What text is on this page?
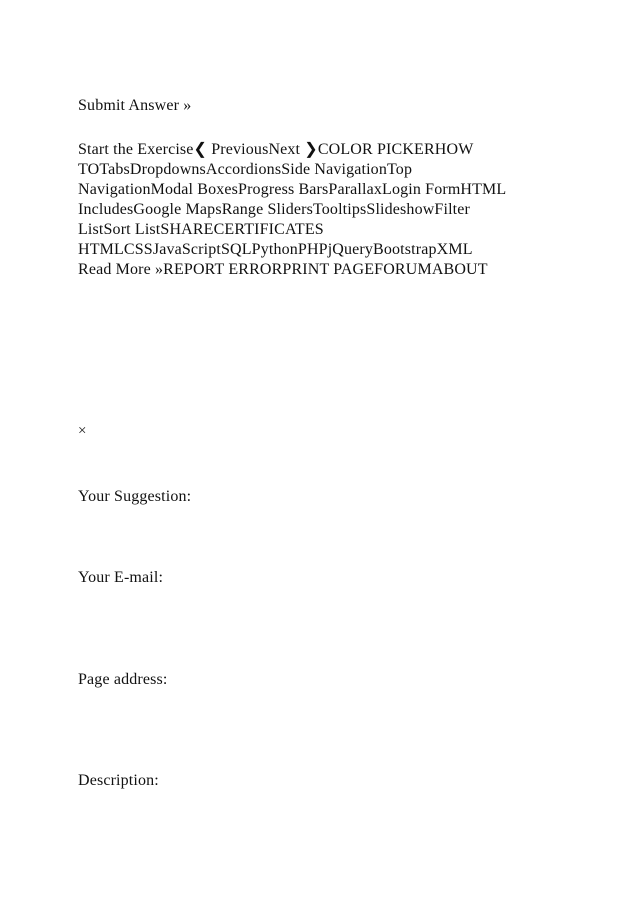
Submit Answer »
Start the Exercise❮ PreviousNext ❯COLOR PICKERHOW
TOTabsDropdownsAccordionsSide NavigationTop
NavigationModal BoxesProgress BarsParallaxLogin FormHTML
IncludesGoogle MapsRange SlidersTooltipsSlideshowFilter
ListSort ListSHARECERTIFICATES
HTMLCSSJavaScriptSQLPythonPHPjQueryBootstrapXML
Read More »REPORT ERRORPRINT PAGEFORUMABOUT
×
Your Suggestion:
Your E-mail:
Page address:
Description:
